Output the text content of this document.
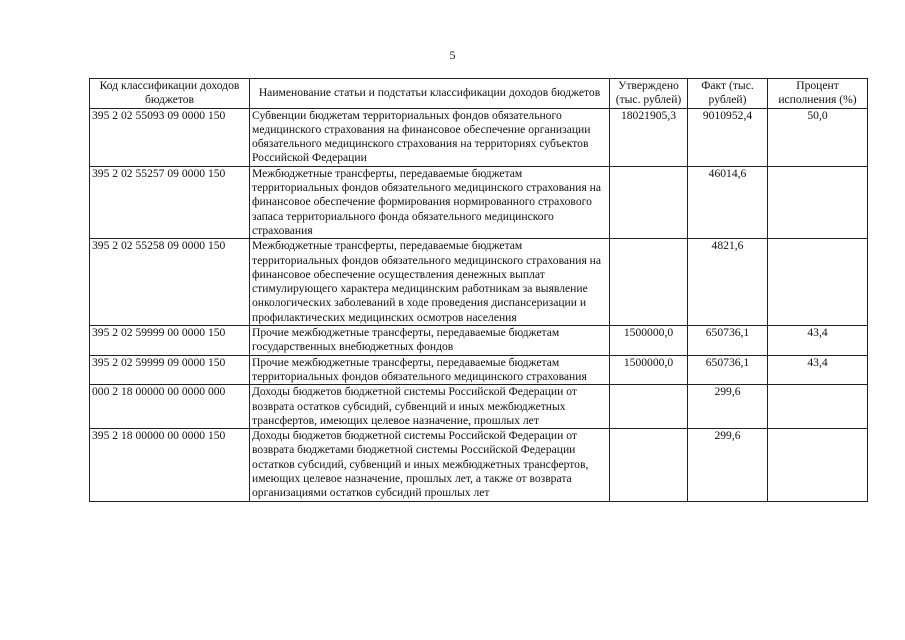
5
Код классификации доходов бюджетов	Наименование статьи и подстатьи классификации доходов бюджетов	Утверждено (тыс. рублей)	Факт (тыс. рублей)	Процент исполнения (%)
395 2 02 55093 09 0000 150	Субвенции бюджетам территориальных фондов обязательного медицинского страхования на финансовое обеспечение организации обязательного медицинского страхования на территориях субъектов Российской Федерации	18021905,3	9010952,4	50,0
395 2 02 55257 09 0000 150	Межбюджетные трансферты, передаваемые бюджетам территориальных фондов обязательного медицинского страхования на финансовое обеспечение формирования нормированного страхового запаса территориального фонда обязательного медицинского страхования		46014,6	
395 2 02 55258 09 0000 150	Межбюджетные трансферты, передаваемые бюджетам территориальных фондов обязательного медицинского страхования на финансовое обеспечение осуществления денежных выплат стимулирующего характера медицинским работникам за выявление онкологических заболеваний в ходе проведения диспансеризации и профилактических медицинских осмотров населения		4821,6	
395 2 02 59999 00 0000 150	Прочие межбюджетные трансферты, передаваемые бюджетам государственных внебюджетных фондов	1500000,0	650736,1	43,4
395 2 02 59999 09 0000 150	Прочие межбюджетные трансферты, передаваемые бюджетам территориальных фондов обязательного медицинского страхования	1500000,0	650736,1	43,4
000 2 18 00000 00 0000 000	Доходы бюджетов бюджетной системы Российской Федерации от возврата остатков субсидий, субвенций и иных межбюджетных трансфертов, имеющих целевое назначение, прошлых лет		299,6	
395 2 18 00000 00 0000 150	Доходы бюджетов бюджетной системы Российской Федерации от возврата бюджетами бюджетной системы Российской Федерации остатков субсидий, субвенций и иных межбюджетных трансфертов, имеющих целевое назначение, прошлых лет, а также от возврата организациями остатков субсидий прошлых лет		299,6	
